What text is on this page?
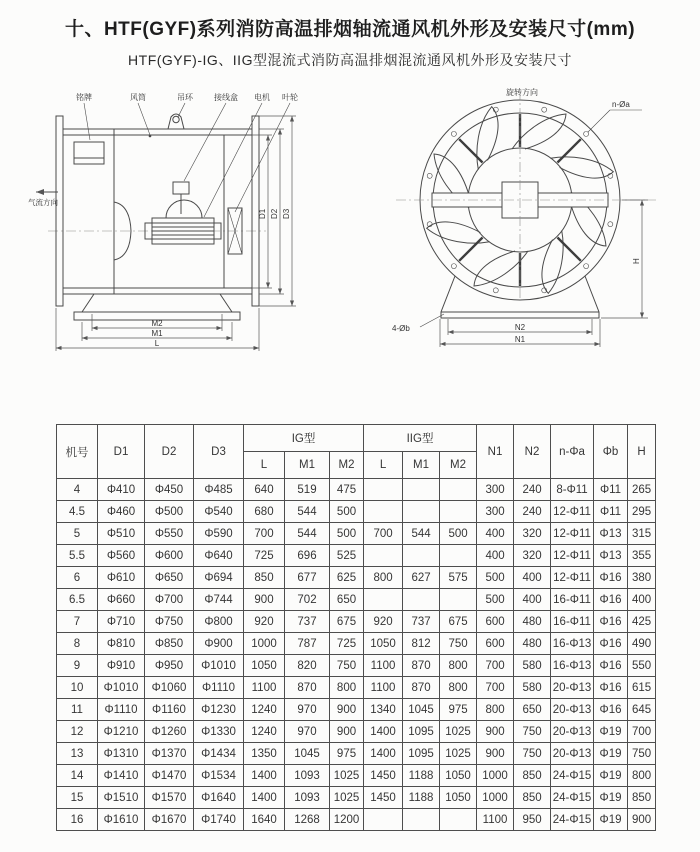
十、HTF(GYF)系列消防高温排烟轴流通风机外形及安装尺寸(mm)
HTF(GYF)-IG、IIG型混流式消防高温排烟混流通风机外形及安装尺寸
铭牌	风筒	吊环	接线盒 电机 叶轮
气流方向
D1 D2 D3
M2
M1
L
旋转方向
n-Øa
4-Øb
H
N2
N1
机号	D1	D2	D3	IG型			IIG型			N1	N2	n-Φa	Φb	H
				L	M1	M2	L	M1	M2					
4	Φ410	Φ450	Φ485	640	519	475				300	240	8-Φ11	Φ11	265
4.5	Φ460	Φ500	Φ540	680	544	500				300	240	12-Φ11	Φ11	295
5	Φ510	Φ550	Φ590	700	544	500	700	544	500	400	320	12-Φ11	Φ13	315
5.5	Φ560	Φ600	Φ640	725	696	525				400	320	12-Φ11	Φ13	355
6	Φ610	Φ650	Φ694	850	677	625	800	627	575	500	400	12-Φ11	Φ16	380
6.5	Φ660	Φ700	Φ744	900	702	650				500	400	16-Φ11	Φ16	400
7	Φ710	Φ750	Φ800	920	737	675	920	737	675	600	480	16-Φ11	Φ16	425
8	Φ810	Φ850	Φ900	1000	787	725	1050	812	750	600	480	16-Φ13	Φ16	490
9	Φ910	Φ950	Φ1010	1050	820	750	1100	870	800	700	580	16-Φ13	Φ16	550
10	Φ1010	Φ1060	Φ1110	1100	870	800	1100	870	800	700	580	20-Φ13	Φ16	615
11	Φ1110	Φ1160	Φ1230	1240	970	900	1340	1045	975	800	650	20-Φ13	Φ16	645
12	Φ1210	Φ1260	Φ1330	1240	970	900	1400	1095	1025	900	750	20-Φ13	Φ19	700
13	Φ1310	Φ1370	Φ1434	1350	1045	975	1400	1095	1025	900	750	20-Φ13	Φ19	750
14	Φ1410	Φ1470	Φ1534	1400	1093	1025	1450	1188	1050	1000	850	24-Φ15	Φ19	800
15	Φ1510	Φ1570	Φ1640	1400	1093	1025	1450	1188	1050	1000	850	24-Φ15	Φ19	850
16	Φ1610	Φ1670	Φ1740	1640	1268	1200				1100	950	24-Φ15	Φ19	900
